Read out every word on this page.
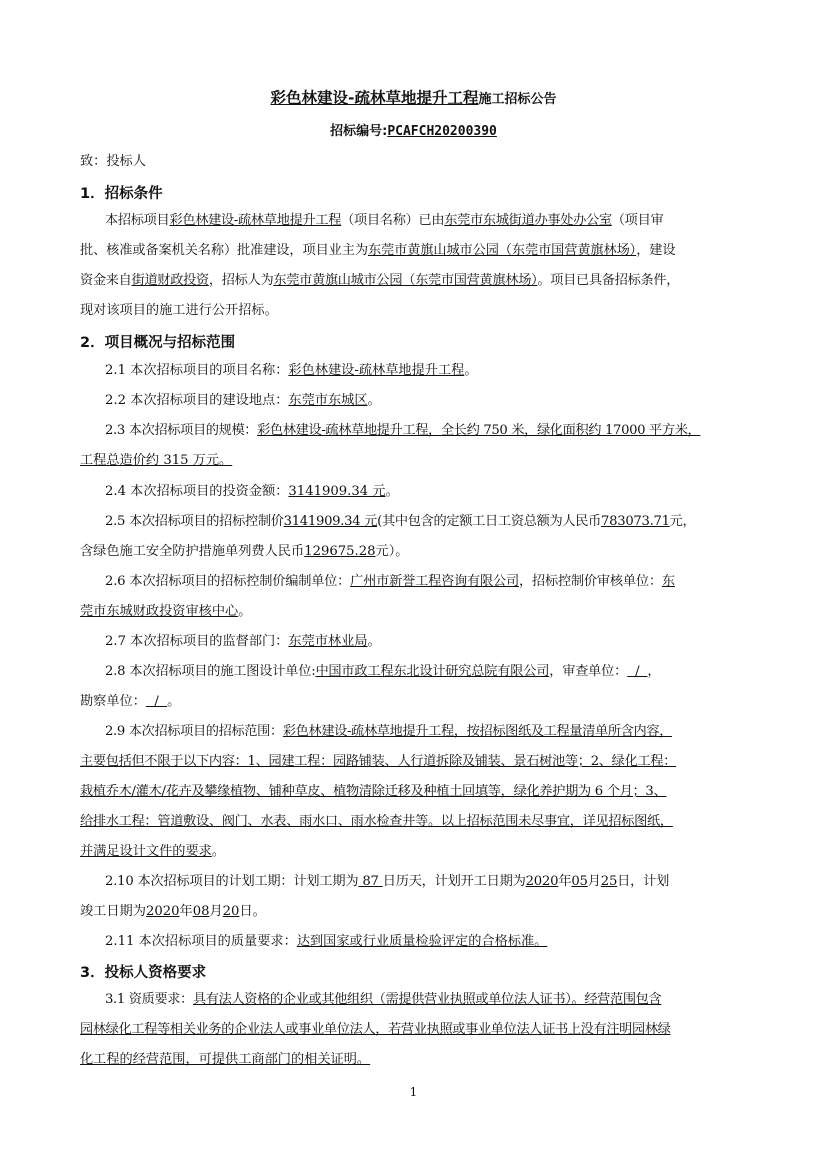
彩色林建设-疏林草地提升工程施工招标公告
招标编号:PCAFCH20200390
致：投标人
1．招标条件
本招标项目彩色林建设-疏林草地提升工程（项目名称）已由东莞市东城街道办事处办公室（项目审
批、核准或备案机关名称）批准建设，项目业主为东莞市黄旗山城市公园（东莞市国营黄旗林场），建设
资金来自街道财政投资，招标人为东莞市黄旗山城市公园（东莞市国营黄旗林场）。项目已具备招标条件，
现对该项目的施工进行公开招标。
2．项目概况与招标范围
2.1 本次招标项目的项目名称：彩色林建设-疏林草地提升工程。
2.2 本次招标项目的建设地点：东莞市东城区。
2.3 本次招标项目的规模：彩色林建设-疏林草地提升工程，全长约 750 米，绿化面积约 17000 平方米，
工程总造价约 315 万元。
2.4 本次招标项目的投资金额：3141909.34 元。
2.5 本次招标项目的招标控制价3141909.34 元(其中包含的定额工日工资总额为人民币783073.71元，
含绿色施工安全防护措施单列费人民币129675.28元）。
2.6 本次招标项目的招标控制价编制单位：广州市新誉工程咨询有限公司，招标控制价审核单位：东
莞市东城财政投资审核中心。
2.7 本次招标项目的监督部门：东莞市林业局。
2.8 本次招标项目的施工图设计单位:中国市政工程东北设计研究总院有限公司，审查单位：  /  ，
勘察单位：  /  。
2.9 本次招标项目的招标范围：彩色林建设-疏林草地提升工程，按招标图纸及工程量清单所含内容，
主要包括但不限于以下内容：1、园建工程：园路铺装、人行道拆除及铺装、景石树池等；2、绿化工程：
栽植乔木/灌木/花卉及攀缘植物、铺种草皮、植物清除迁移及种植土回填等，绿化养护期为 6 个月；3、
给排水工程：管道敷设、阀门、水表、雨水口、雨水检查井等。以上招标范围未尽事宜，详见招标图纸，
并满足设计文件的要求。
2.10 本次招标项目的计划工期：计划工期为 87 日历天，计划开工日期为2020年05月25日，计划
竣工日期为2020年08月20日。
2.11 本次招标项目的质量要求：达到国家或行业质量检验评定的合格标准。
3．投标人资格要求
3.1 资质要求：具有法人资格的企业或其他组织（需提供营业执照或单位法人证书）。经营范围包含
园林绿化工程等相关业务的企业法人或事业单位法人，若营业执照或事业单位法人证书上没有注明园林绿
化工程的经营范围，可提供工商部门的相关证明。
1
